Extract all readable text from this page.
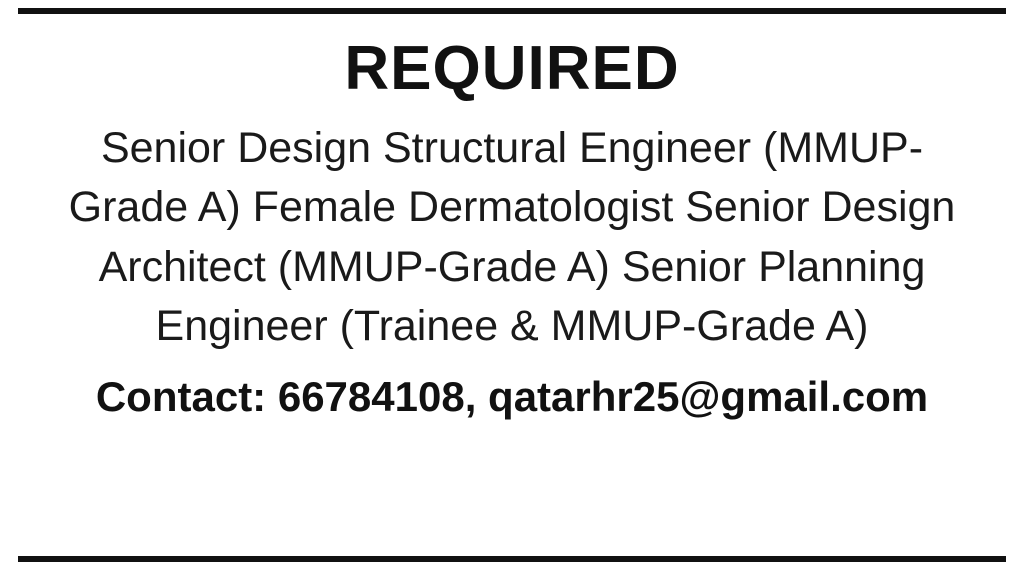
REQUIRED
Senior Design Structural Engineer (MMUP-
Grade A) Female Dermatologist Senior Design
Architect (MMUP-Grade A) Senior Planning
Engineer (Trainee & MMUP-Grade A)
Contact: 66784108, qatarhr25@gmail.com
